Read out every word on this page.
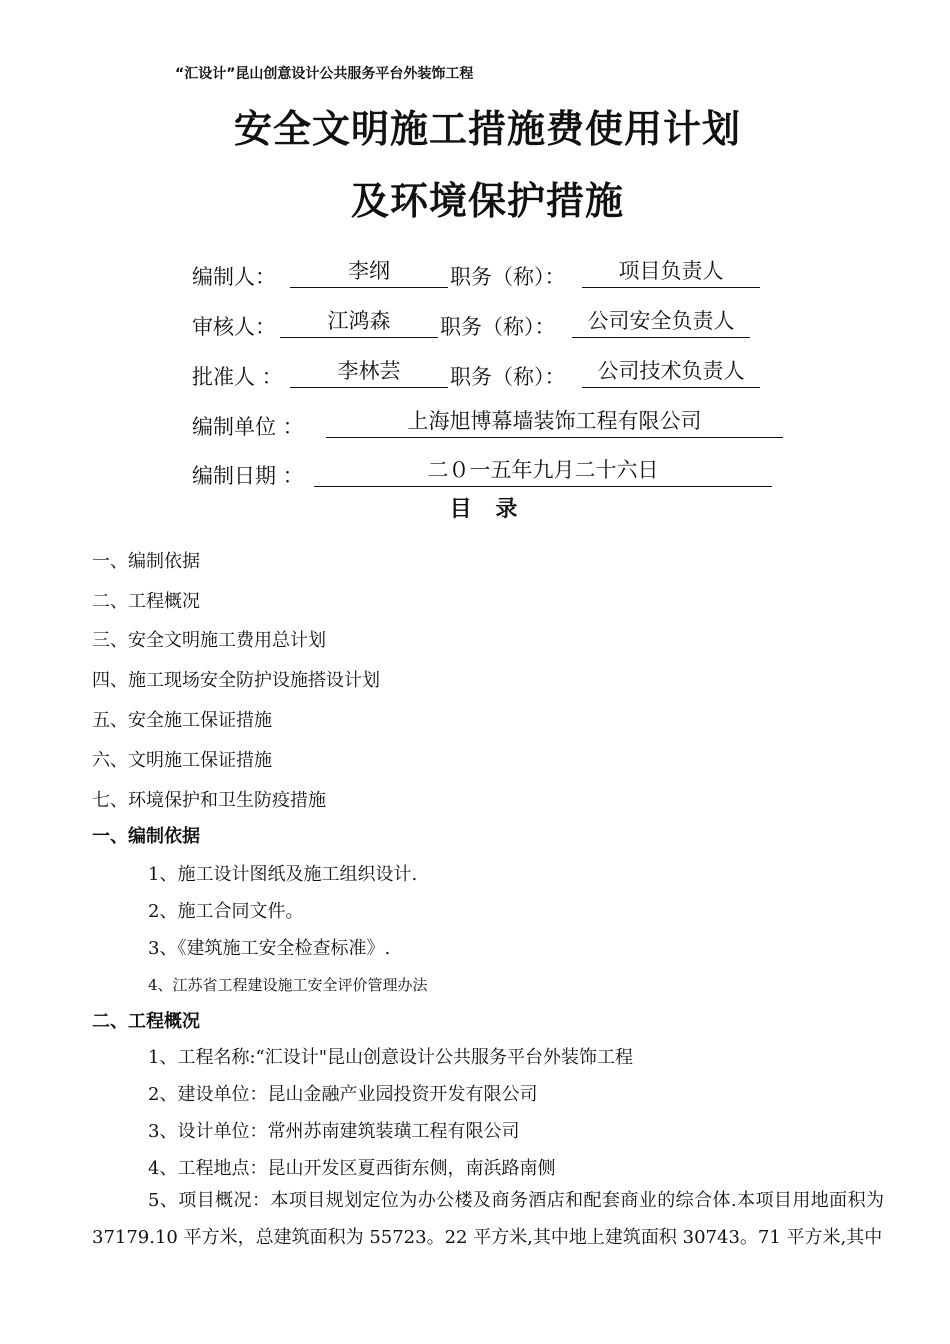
“汇设计”昆山创意设计公共服务平台外装饰工程
安全文明施工措施费使用计划
及环境保护措施
编制人：	李纲	职务（称）：	项目负责人
审核人：	江鸿森	职务（称）：	公司安全负责人
批准人 ：	李林芸	职务（称）：	公司技术负责人
编制单位 ：	上海旭博幕墙装饰工程有限公司
编制日期 ：	二０一五年九月二十六日
目 录
一、编制依据
二、工程概况
三、安全文明施工费用总计划
四、施工现场安全防护设施搭设计划
五、安全施工保证措施
六、文明施工保证措施
七、环境保护和卫生防疫措施
一、编制依据
1、施工设计图纸及施工组织设计.
2、施工合同文件。
3、《建筑施工安全检查标准》.
4、江苏省工程建设施工安全评价管理办法
二、工程概况
1、工程名称:“汇设计"昆山创意设计公共服务平台外装饰工程
2、建设单位：昆山金融产业园投资开发有限公司
3、设计单位：常州苏南建筑装璜工程有限公司
4、工程地点：昆山开发区夏西街东侧，南浜路南侧
5、项目概况：本项目规划定位为办公楼及商务酒店和配套商业的综合体.本项目用地面积为 37179.10 平方米，总建筑面积为 55723。22 平方米,其中地上建筑面积 30743。71 平方米,其中
